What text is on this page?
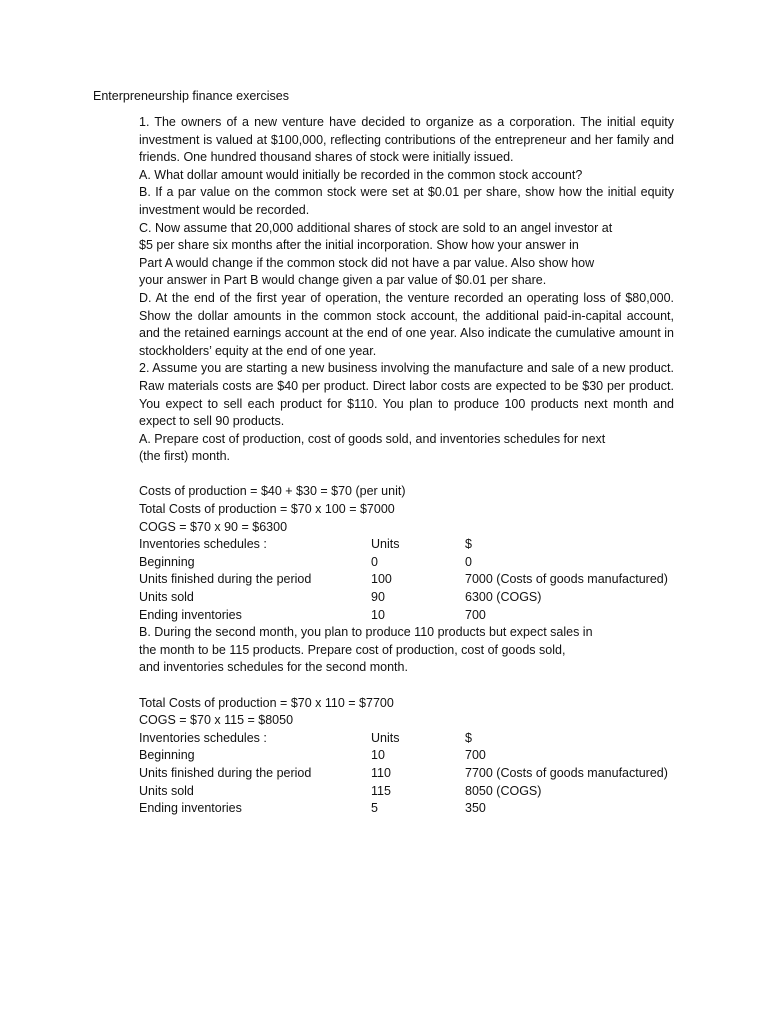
Enterpreneurship finance exercises

1. The owners of a new venture have decided to organize as a corporation. The initial equity investment is valued at $100,000, reflecting contributions of the entrepreneur and her family and friends. One hundred thousand shares of stock were initially issued.

A. What dollar amount would initially be recorded in the common stock account?

B. If a par value on the common stock were set at $0.01 per share, show how the initial equity investment would be recorded.

C. Now assume that 20,000 additional shares of stock are sold to an angel investor at

$5 per share six months after the initial incorporation. Show how your answer in

Part A would change if the common stock did not have a par value. Also show how

your answer in Part B would change given a par value of $0.01 per share.

D. At the end of the first year of operation, the venture recorded an operating loss of $80,000. Show the dollar amounts in the common stock account, the additional paid-in-capital account, and the retained earnings account at the end of one year. Also indicate the cumulative amount in stockholders’ equity at the end of one year.

2. Assume you are starting a new business involving the manufacture and sale of a new product. Raw materials costs are $40 per product. Direct labor costs are expected to be $30 per product. You expect to sell each product for $110. You plan to produce 100 products next month and expect to sell 90 products.

A. Prepare cost of production, cost of goods sold, and inventories schedules for next

(the first) month.

Costs of production = $40 + $30 = $70 (per unit)

Total Costs of production = $70 x 100 = $7000

COGS = $70 x 90 = $6300

Inventories schedules :	Units	$
Beginning	0	0
Units finished during the period	100	7000 (Costs of goods manufactured)
Units sold	90	6300 (COGS)
Ending inventories	10	700

B. During the second month, you plan to produce 110 products but expect sales in

the month to be 115 products. Prepare cost of production, cost of goods sold,

and inventories schedules for the second month.

Total Costs of production = $70 x 110 = $7700

COGS = $70 x 115 = $8050

Inventories schedules :	Units	$
Beginning	10	700
Units finished during the period	110	7700 (Costs of goods manufactured)
Units sold	115	8050 (COGS)
Ending inventories	5	350
